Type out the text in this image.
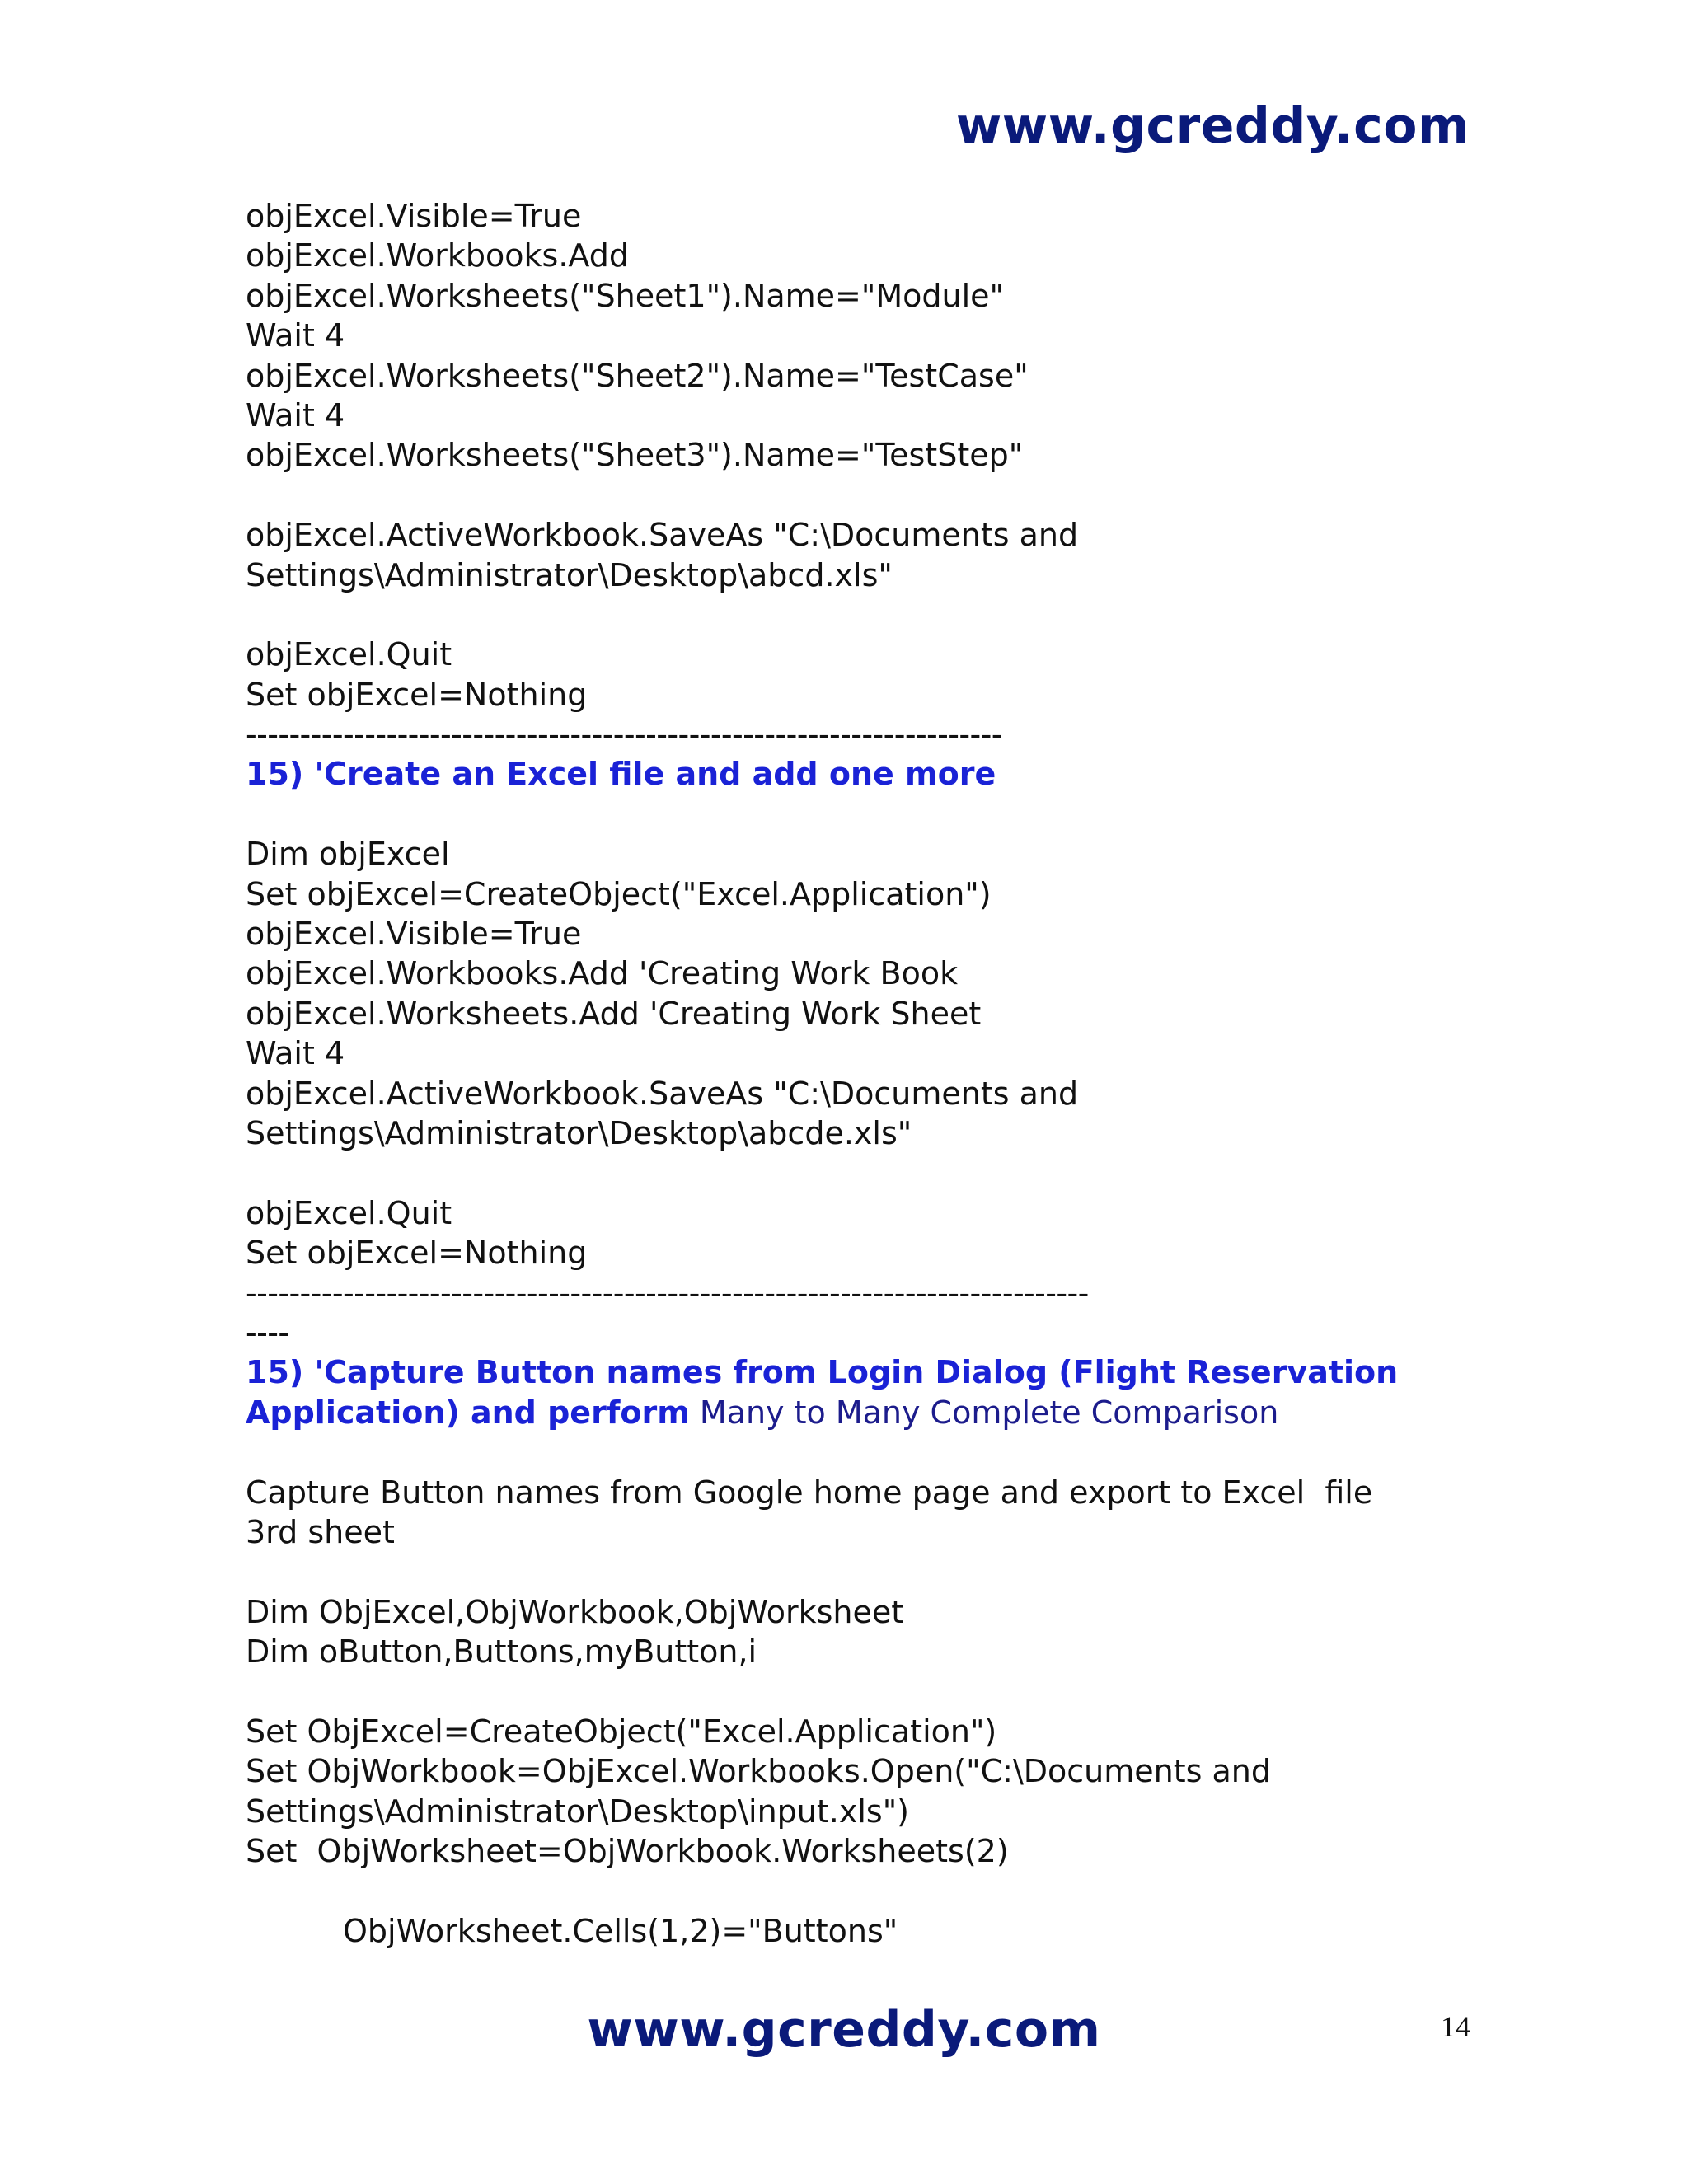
www.gcreddy.com
objExcel.Visible=True
objExcel.Workbooks.Add
objExcel.Worksheets("Sheet1").Name="Module"
Wait 4
objExcel.Worksheets("Sheet2").Name="TestCase"
Wait 4
objExcel.Worksheets("Sheet3").Name="TestStep"
objExcel.ActiveWorkbook.SaveAs "C:\Documents and
Settings\Administrator\Desktop\abcd.xls"
objExcel.Quit
Set objExcel=Nothing
----------------------------------------------------------------------
15) 'Create an Excel file and add one more
Dim objExcel
Set objExcel=CreateObject("Excel.Application")
objExcel.Visible=True
objExcel.Workbooks.Add 'Creating Work Book
objExcel.Worksheets.Add 'Creating Work Sheet
Wait 4
objExcel.ActiveWorkbook.SaveAs "C:\Documents and
Settings\Administrator\Desktop\abcde.xls"
objExcel.Quit
Set objExcel=Nothing
------------------------------------------------------------------------------
----
15) 'Capture Button names from Login Dialog (Flight Reservation
Application) and perform Many to Many Complete Comparison
Capture Button names from Google home page and export to Excel  file
3rd sheet
Dim ObjExcel,ObjWorkbook,ObjWorksheet
Dim oButton,Buttons,myButton,i
Set ObjExcel=CreateObject("Excel.Application")
Set ObjWorkbook=ObjExcel.Workbooks.Open("C:\Documents and
Settings\Administrator\Desktop\input.xls")
Set  ObjWorksheet=ObjWorkbook.Worksheets(2)
ObjWorksheet.Cells(1,2)="Buttons"
www.gcreddy.com	14
